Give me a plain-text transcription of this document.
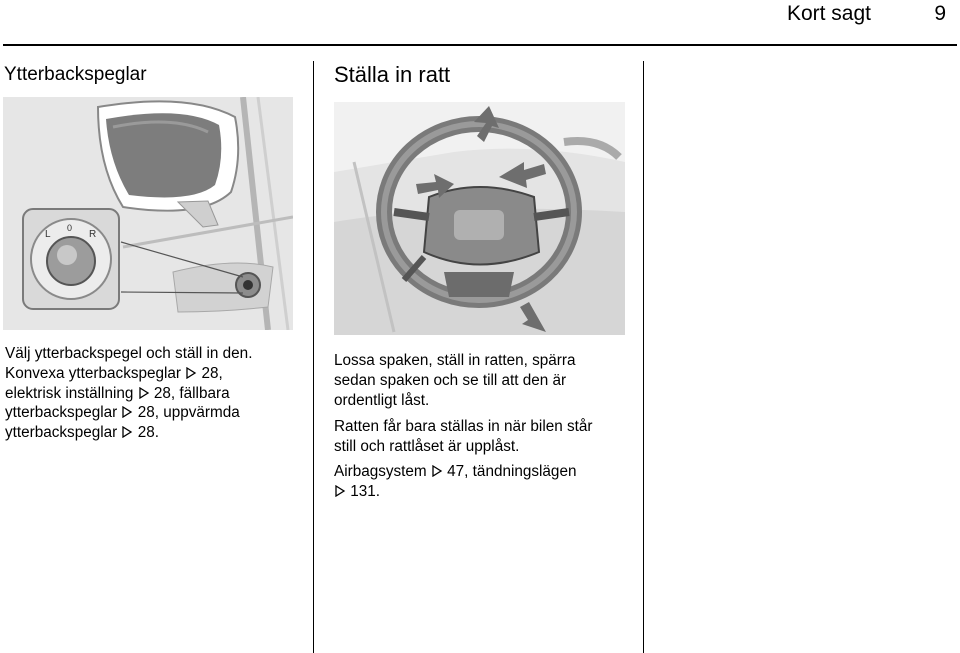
Kort sagt	9
Ytterbackspeglar
L
0
R

Välj ytterbackspegel och ställ in den.
Konvexa ytterbackspeglar  28,
elektrisk inställning  28, fällbara
ytterbackspeglar  28, uppvärmda
ytterbackspeglar  28.

Ställa in ratt

Lossa spaken, ställ in ratten, spärra
sedan spaken och se till att den är
ordentligt låst.

Ratten får bara ställas in när bilen står
still och rattlåset är upplåst.

Airbagsystem  47, tändningslägen
131.
